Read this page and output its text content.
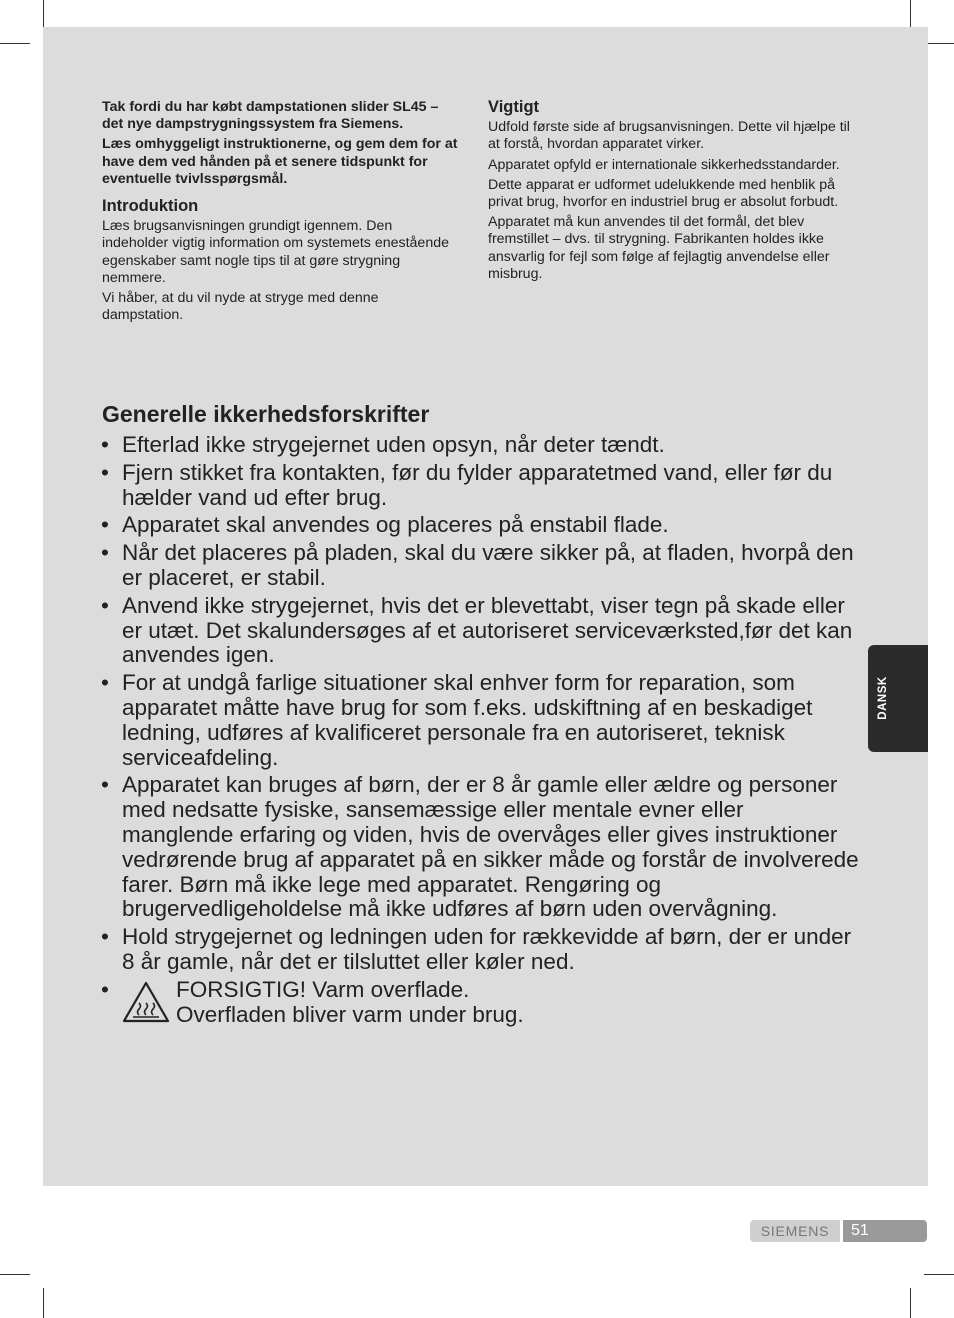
Tak fordi du har købt dampstationen slider SL45 – det nye dampstrygningssystem fra Siemens.

Læs omhyggeligt instruktionerne, og gem dem for at have dem ved hånden på et senere tidspunkt for eventuelle tvivlsspørgsmål.

Introduktion

Læs brugsanvisningen grundigt igennem. Den indeholder vigtig information om systemets enestående egenskaber samt nogle tips til at gøre strygning nemmere.

Vi håber, at du vil nyde at stryge med denne dampstation.

Vigtigt

Udfold første side af brugsanvisningen. Dette vil hjælpe til at forstå, hvordan apparatet virker.

Apparatet opfyld er internationale sikkerhedsstandarder.

Dette apparat er udformet udelukkende med henblik på privat brug, hvorfor en industriel brug er absolut forbudt.

Apparatet må kun anvendes til det formål, det blev fremstillet – dvs. til strygning. Fabrikanten holdes ikke ansvarlig for fejl som følge af fejlagtig anvendelse eller misbrug.

Generelle ikkerhedsforskrifter
• Efterlad ikke strygejernet uden opsyn, når deter tændt.
• Fjern stikket fra kontakten, før du fylder apparatetmed vand, eller før du hælder vand ud efter brug.
• Apparatet skal anvendes og placeres på enstabil flade.
• Når det placeres på pladen, skal du være sikker på, at fladen, hvorpå den er placeret, er stabil.
• Anvend ikke strygejernet, hvis det er blevettabt, viser tegn på skade eller er utæt. Det skalundersøges af et autoriseret serviceværksted,før det kan anvendes igen.
• For at undgå farlige situationer skal enhver form for reparation, som apparatet måtte have brug for som f.eks. udskiftning af en beskadiget ledning, udføres af kvalificeret personale fra en autoriseret, teknisk serviceafdeling.
• Apparatet kan bruges af børn, der er 8 år gamle eller ældre og personer med nedsatte fysiske, sansemæssige eller mentale evner eller manglende erfaring og viden, hvis de overvåges eller gives instruktioner vedrørende brug af apparatet på en sikker måde og forstår de involverede farer. Børn må ikke lege med apparatet. Rengøring og brugervedligeholdelse må ikke udføres af børn uden overvågning.
• Hold strygejernet og ledningen uden for rækkevidde af børn, der er under 8 år gamle, når det er tilsluttet eller køler ned.
• FORSIGTIG! Varm overflade.
Overfladen bliver varm under brug.
DANSK
SIEMENS	51
